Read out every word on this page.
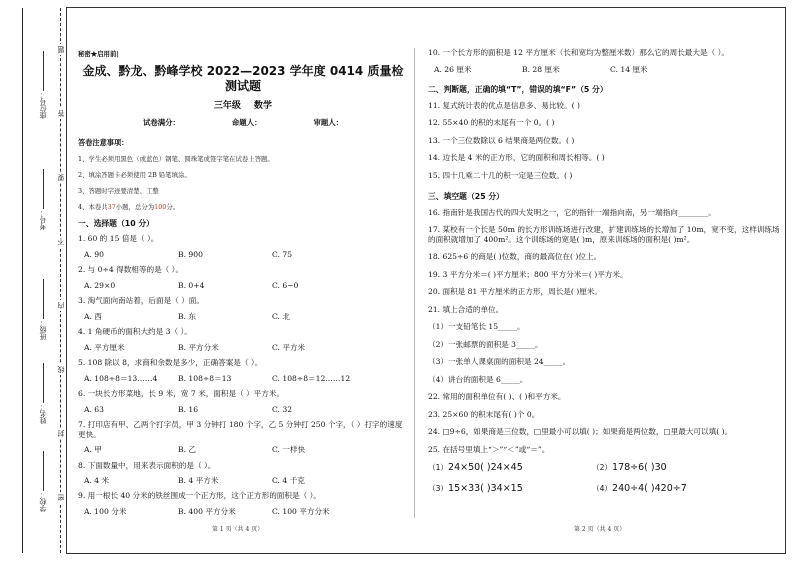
座位号：
考号：
班级：
姓名：
学校：
题
答
要
不
内
线
封
密
秘密★启用前|
金成、黔龙、黔峰学校 2022—2023 学年度 0414 质量检测试题
三年级 数学
试卷满分：	命题人：	审题人：
答卷注意事项：
1、学生必须用黑色（或蓝色）钢笔、圆珠笔或签字笔在试卷上答题。
2、填涂答题卡必须使用 2B 铅笔填涂。
3、答题时字迹要清楚、工整
4、本卷共37小题，总分为100分。
一、选择题（10 分）
1. 60 的 15 倍是（ ）。
A. 90	B. 900	C. 75
2. 与 0÷4 得数相等的是（ ）。
A. 29×0	B. 0+4	C. 6−0
3. 淘气面向南站着，后面是（ ）面。
A. 西	B. 东	C. 北
4. 1 角硬币的面积大约是 3（ ）。
A. 平方厘米	B. 平方分米	C. 平方米
5. 108 除以 8，求商和余数是多少，正确答案是（ ）。
A. 108÷8＝13……4	B. 108÷8＝13	C. 108÷8＝12……12
6. 一块长方形菜地，长 9 米，宽 7 米，面积是（ ）平方米。
A. 63	B. 16	C. 32
7. 打印店有甲、乙两个打字员，甲 3 分钟打 180 个字，乙 5 分钟打 250 个字，（ ）打字的速度更快。
A. 甲	B. 乙	C. 一样快
8. 下面数量中，用来表示面积的是（ ）。
A. 4 米	B. 4 平方米	C. 4 千克
9. 用一根长 40 分米的铁丝围成一个正方形，这个正方形的面积是（ ）。
A. 100 分米	B. 400 平方分米	C. 100 平方分米
10. 一个长方形的面积是 12 平方厘米（长和宽均为整厘米数）那么它的周长最大是（ ）。
A. 26 厘米	B. 28 厘米	C. 14 厘米
二、判断题，正确的填“T”，错误的填“F”（5 分）
11. 复式统计表的优点是信息多、易比较。( )
12. 55×40 的积的末尾有一个 0。( )
13. 一个三位数除以 6 结果商是两位数。( )
14. 边长是 4 米的正方形，它的面积和周长相等。( )
15. 四十几乘二十几的积一定是三位数。( )
三、填空题（25 分）
16. 指南针是我国古代的四大发明之一，它的指针一端指向南，另一端指向________。
17. 某校有一个长是 50m 的长方形训练场进行改建，扩建训练场的长增加了 10m，宽不变，这样训练场的面积就增加了 400m²。这个训练场的宽是( )m，原来训练场的面积是( )m²。
18. 625÷6 的商是( )位数，商的最高位在( )位上。
19. 3 平方分米＝( )平方厘米；800 平方分米＝( )平方米。
20. 面积是 81 平方厘米的正方形，周长是( )厘米。
21. 填上合适的单位。
（1）一支铅笔长 15_____。
（2）一张邮票的面积是 3_____。
（3）一张单人课桌面的面积是 24_____。
（4）讲台的面积是 6_____。
22. 常用的面积单位有( )、( )和平方米。
23. 25×60 的积末尾有( )个 0。
24. □9÷6，如果商是三位数，□里最小可以填( )；如果商是两位数，□里最大可以填( )。
25. 在括号里填上“＞”“＜”或“＝”。
（1）24×50( )24×45	（2）178÷6( )30
（3）15×33( )34×15	（4）240÷4( )420÷7
第 1 页（共 4 页）	第 2 页（共 4 页）
